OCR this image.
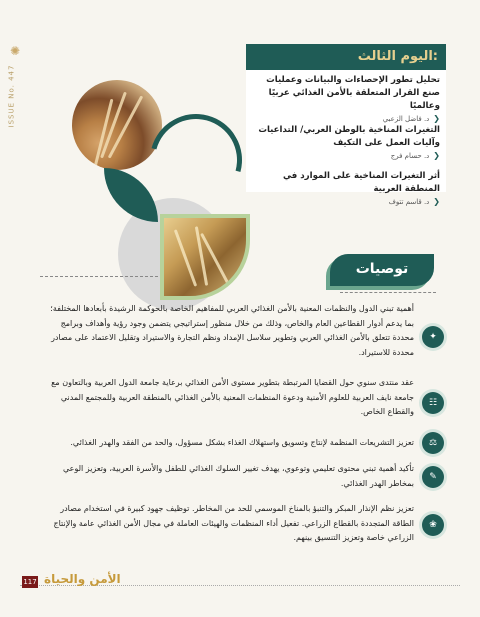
✺
ISSUE No. 447
اليوم الثالث:
تحليل تطور الإحصاءات والبيانات وعمليات صنع القرار المتعلقة بالأمن الغذائي عربيًا وعالميًا
❮د. فاضل الزعبي
التغيرات المناخية بالوطن العربي/ التداعيات وآليات العمل على التكيف
❮د. حسام فرج
أثر التغيرات المناخية على الموارد في المنطقة العربية
❮د. قاسم تتوف
توصيات
✦
أهمية تبني الدول والنظمات المعنية بالأمن الغذائي العربي للمفاهيم الخاصة بالحوكمة الرشيدة بأبعادها المختلفة؛ بما يدعم أدوار القطاعين العام والخاص، وذلك من خلال منظور إستراتيجي يتضمن وجود رؤية وأهداف وبرامج محددة تتعلق بالأمن الغذائي العربي وتطوير سلاسل الإمداد ونظم التجارة والاستيراد وتقليل الاعتماد على مصادر محددة للاستيراد.
☷
عقد منتدى سنوي حول القضايا المرتبطة بتطوير مستوى الأمن الغذائي برعاية جامعة الدول العربية وبالتعاون مع جامعة نايف العربية للعلوم الأمنية ودعوة المنظمات المعنية بالأمن الغذائي بالمنطقة العربية وللمجتمع المدني والقطاع الخاص.
⚖
تعزيز التشريعات المنظمة لإنتاج وتسويق واستهلاك الغذاء بشكل مسؤول، والحد من الفقد والهدر الغذائي.
✎
تأكيد أهمية تبني محتوى تعليمي وتوعوي، يهدف تغيير السلوك الغذائي للطفل والأسرة العربية، وتعزيز الوعي بمخاطر الهدر الغذائي.
❀
تعزيز نظم الإنذار المبكر والتنبؤ بالمناخ الموسمي للحد من المخاطر. توظيف جهود كبيرة في استخدام مصادر الطاقة المتجددة بالقطاع الزراعي. تفعيل أداء المنظمات والهيئات العاملة في مجال الأمن الغذائي عامة والإنتاج الزراعي خاصة وتعزيز التنسيق بينهم.
117 الأمن والحياة
